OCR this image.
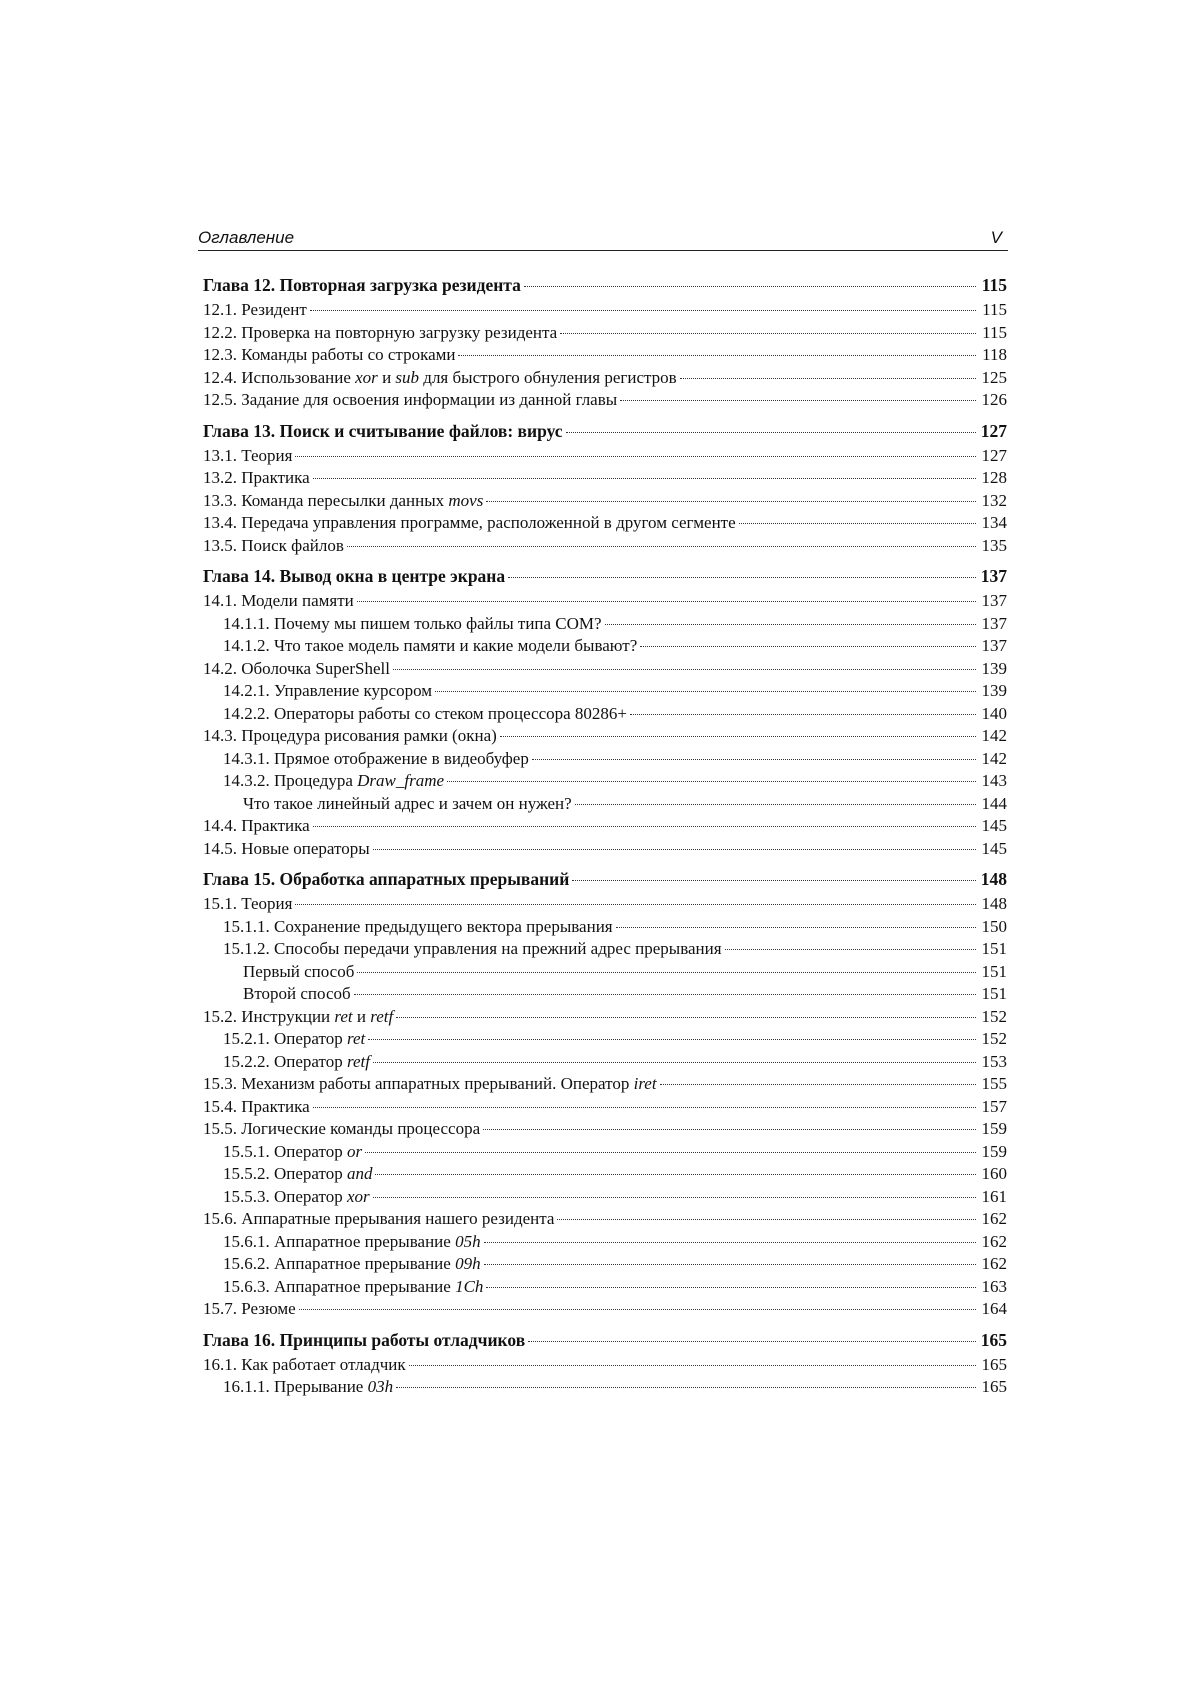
Оглавление	V
Глава 12. Повторная загрузка резидента	115
12.1. Резидент	115
12.2. Проверка на повторную загрузку резидента	115
12.3. Команды работы со строками	118
12.4. Использование xor и sub для быстрого обнуления регистров	125
12.5. Задание для освоения информации из данной главы	126
Глава 13. Поиск и считывание файлов: вирус	127
13.1. Теория	127
13.2. Практика	128
13.3. Команда пересылки данных movs	132
13.4. Передача управления программе, расположенной в другом сегменте	134
13.5. Поиск файлов	135
Глава 14. Вывод окна в центре экрана	137
14.1. Модели памяти	137
14.1.1. Почему мы пишем только файлы типа COM?	137
14.1.2. Что такое модель памяти и какие модели бывают?	137
14.2. Оболочка SuperShell	139
14.2.1. Управление курсором	139
14.2.2. Операторы работы со стеком процессора 80286+	140
14.3. Процедура рисования рамки (окна)	142
14.3.1. Прямое отображение в видеобуфер	142
14.3.2. Процедура Draw_frame	143
Что такое линейный адрес и зачем он нужен?	144
14.4. Практика	145
14.5. Новые операторы	145
Глава 15. Обработка аппаратных прерываний	148
15.1. Теория	148
15.1.1. Сохранение предыдущего вектора прерывания	150
15.1.2. Способы передачи управления на прежний адрес прерывания	151
Первый способ	151
Второй способ	151
15.2. Инструкции ret и retf	152
15.2.1. Оператор ret	152
15.2.2. Оператор retf	153
15.3. Механизм работы аппаратных прерываний. Оператор iret	155
15.4. Практика	157
15.5. Логические команды процессора	159
15.5.1. Оператор or	159
15.5.2. Оператор and	160
15.5.3. Оператор xor	161
15.6. Аппаратные прерывания нашего резидента	162
15.6.1. Аппаратное прерывание 05h	162
15.6.2. Аппаратное прерывание 09h	162
15.6.3. Аппаратное прерывание 1Ch	163
15.7. Резюме	164
Глава 16. Принципы работы отладчиков	165
16.1. Как работает отладчик	165
16.1.1. Прерывание 03h	165
